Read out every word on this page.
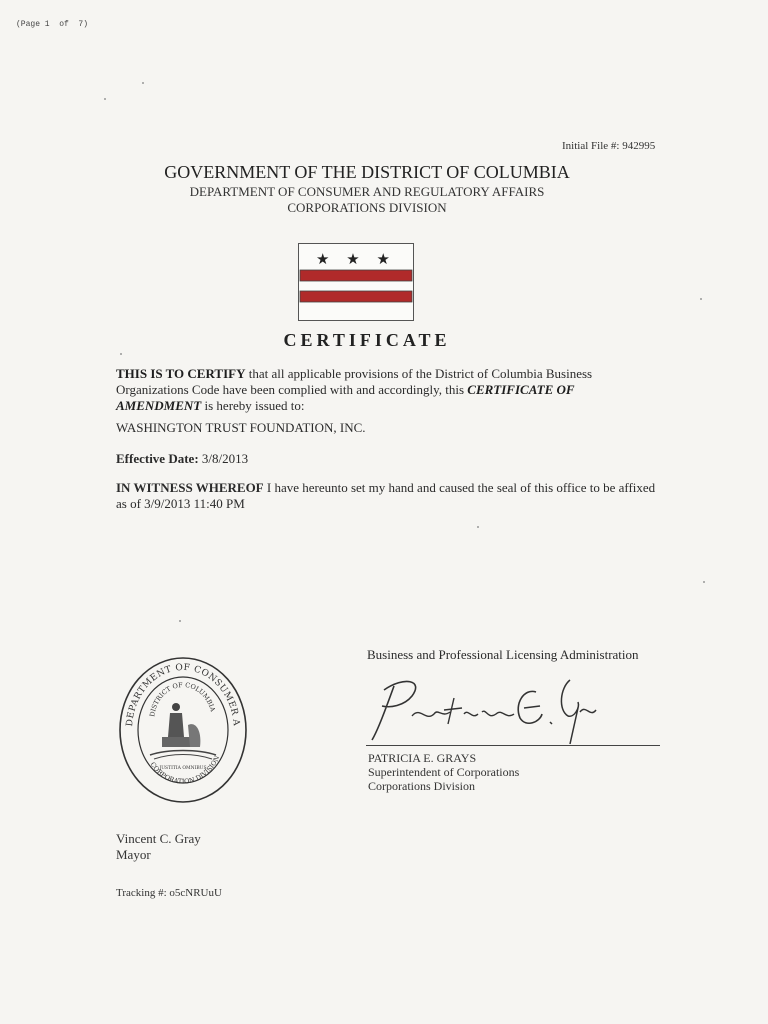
(Page 1  of  7)
Initial File #: 942995
GOVERNMENT OF THE DISTRICT OF COLUMBIA
DEPARTMENT OF CONSUMER AND REGULATORY AFFAIRS
CORPORATIONS DIVISION
★ ★ ★
CERTIFICATE

THIS IS TO CERTIFY that all applicable provisions of the District of Columbia Business Organizations Code have been complied with and accordingly, this CERTIFICATE OF AMENDMENT is hereby issued to:

WASHINGTON TRUST FOUNDATION, INC.
Effective Date: 3/8/2013
IN WITNESS WHEREOF I have hereunto set my hand and caused the seal of this office to be affixed as of 3/9/2013 11:40 PM
Business and Professional Licensing Administration
Patricia E. Grays
PATRICIA E. GRAYS
Superintendent of Corporations
Corporations Division
DEPARTMENT OF CONSUMER A
DISTRICT OF COLUMBIA
CORPORATION DIVISION
JUSTITIA OMNIBUS
Vincent C. Gray
Mayor
Tracking #: o5cNRUuU
